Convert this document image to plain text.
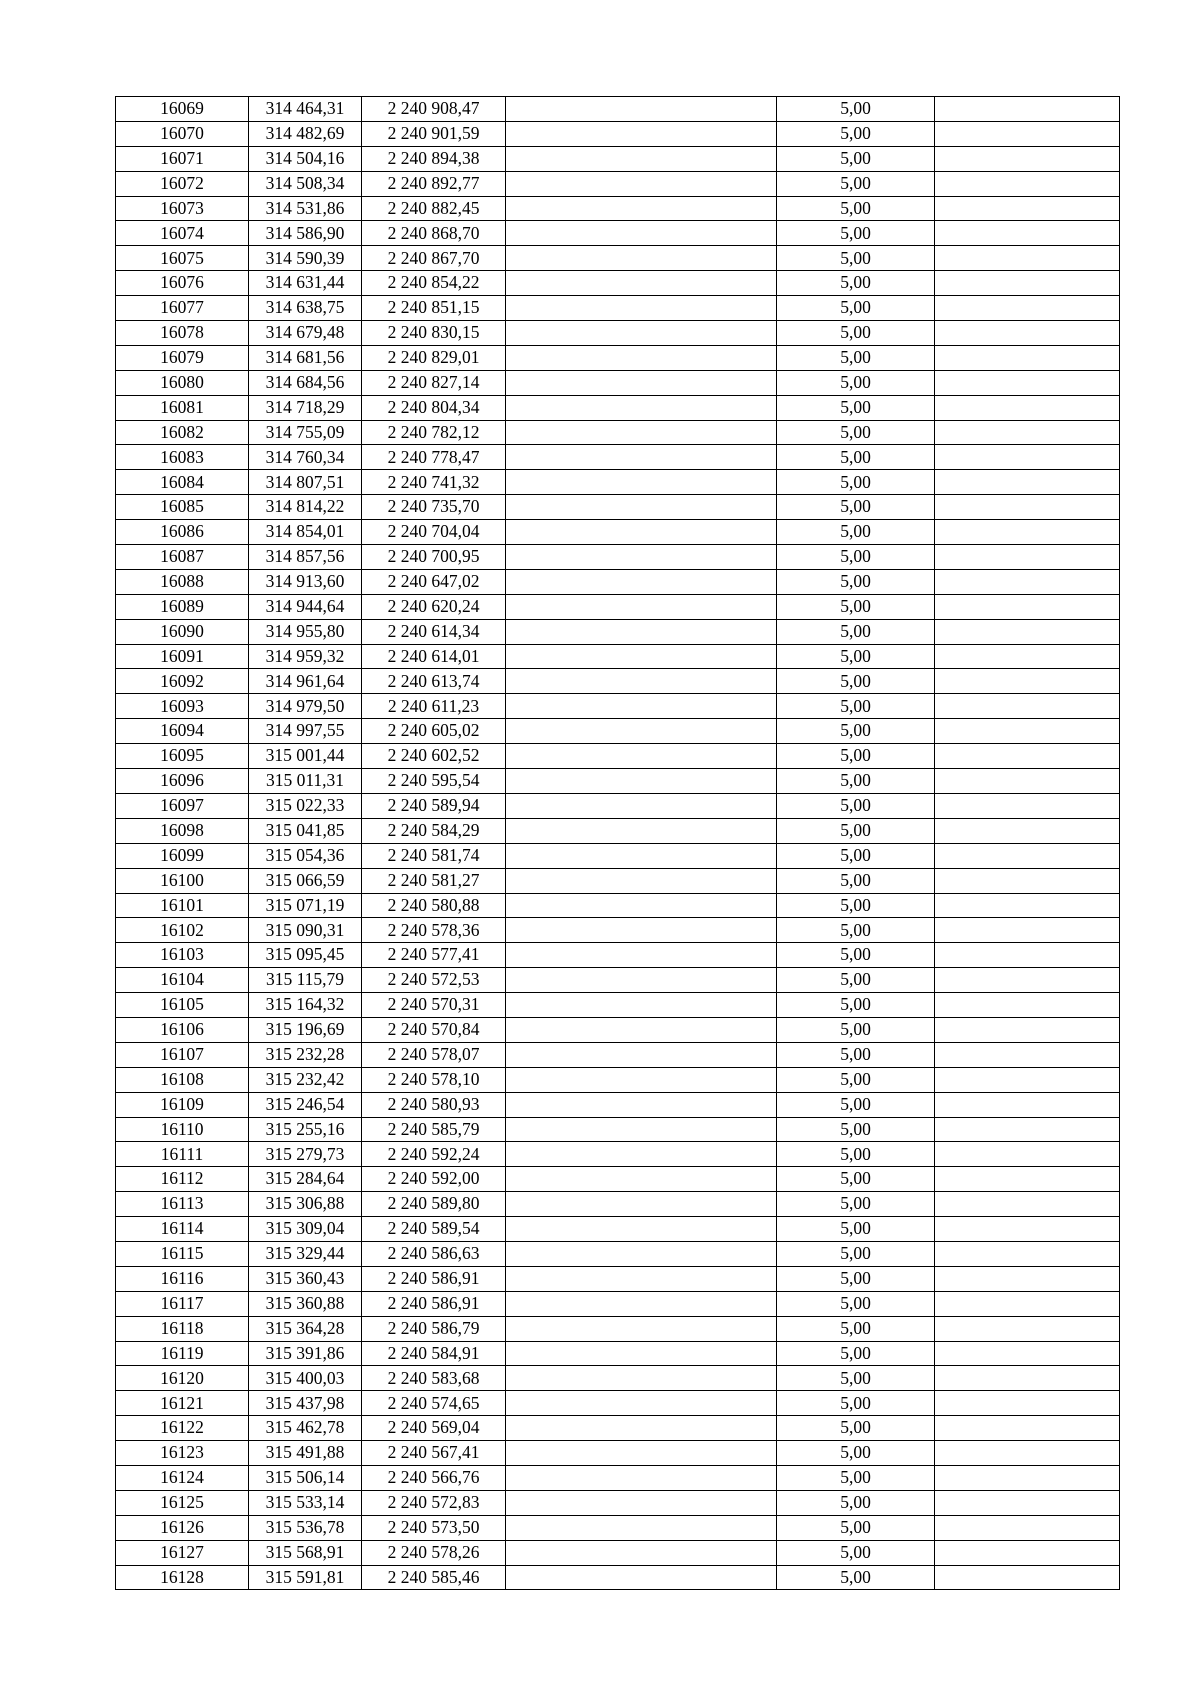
16069	314 464,31	2 240 908,47		5,00	
16070	314 482,69	2 240 901,59		5,00	
16071	314 504,16	2 240 894,38		5,00	
16072	314 508,34	2 240 892,77		5,00	
16073	314 531,86	2 240 882,45		5,00	
16074	314 586,90	2 240 868,70		5,00	
16075	314 590,39	2 240 867,70		5,00	
16076	314 631,44	2 240 854,22		5,00	
16077	314 638,75	2 240 851,15		5,00	
16078	314 679,48	2 240 830,15		5,00	
16079	314 681,56	2 240 829,01		5,00	
16080	314 684,56	2 240 827,14		5,00	
16081	314 718,29	2 240 804,34		5,00	
16082	314 755,09	2 240 782,12		5,00	
16083	314 760,34	2 240 778,47		5,00	
16084	314 807,51	2 240 741,32		5,00	
16085	314 814,22	2 240 735,70		5,00	
16086	314 854,01	2 240 704,04		5,00	
16087	314 857,56	2 240 700,95		5,00	
16088	314 913,60	2 240 647,02		5,00	
16089	314 944,64	2 240 620,24		5,00	
16090	314 955,80	2 240 614,34		5,00	
16091	314 959,32	2 240 614,01		5,00	
16092	314 961,64	2 240 613,74		5,00	
16093	314 979,50	2 240 611,23		5,00	
16094	314 997,55	2 240 605,02		5,00	
16095	315 001,44	2 240 602,52		5,00	
16096	315 011,31	2 240 595,54		5,00	
16097	315 022,33	2 240 589,94		5,00	
16098	315 041,85	2 240 584,29		5,00	
16099	315 054,36	2 240 581,74		5,00	
16100	315 066,59	2 240 581,27		5,00	
16101	315 071,19	2 240 580,88		5,00	
16102	315 090,31	2 240 578,36		5,00	
16103	315 095,45	2 240 577,41		5,00	
16104	315 115,79	2 240 572,53		5,00	
16105	315 164,32	2 240 570,31		5,00	
16106	315 196,69	2 240 570,84		5,00	
16107	315 232,28	2 240 578,07		5,00	
16108	315 232,42	2 240 578,10		5,00	
16109	315 246,54	2 240 580,93		5,00	
16110	315 255,16	2 240 585,79		5,00	
16111	315 279,73	2 240 592,24		5,00	
16112	315 284,64	2 240 592,00		5,00	
16113	315 306,88	2 240 589,80		5,00	
16114	315 309,04	2 240 589,54		5,00	
16115	315 329,44	2 240 586,63		5,00	
16116	315 360,43	2 240 586,91		5,00	
16117	315 360,88	2 240 586,91		5,00	
16118	315 364,28	2 240 586,79		5,00	
16119	315 391,86	2 240 584,91		5,00	
16120	315 400,03	2 240 583,68		5,00	
16121	315 437,98	2 240 574,65		5,00	
16122	315 462,78	2 240 569,04		5,00	
16123	315 491,88	2 240 567,41		5,00	
16124	315 506,14	2 240 566,76		5,00	
16125	315 533,14	2 240 572,83		5,00	
16126	315 536,78	2 240 573,50		5,00	
16127	315 568,91	2 240 578,26		5,00	
16128	315 591,81	2 240 585,46		5,00	
